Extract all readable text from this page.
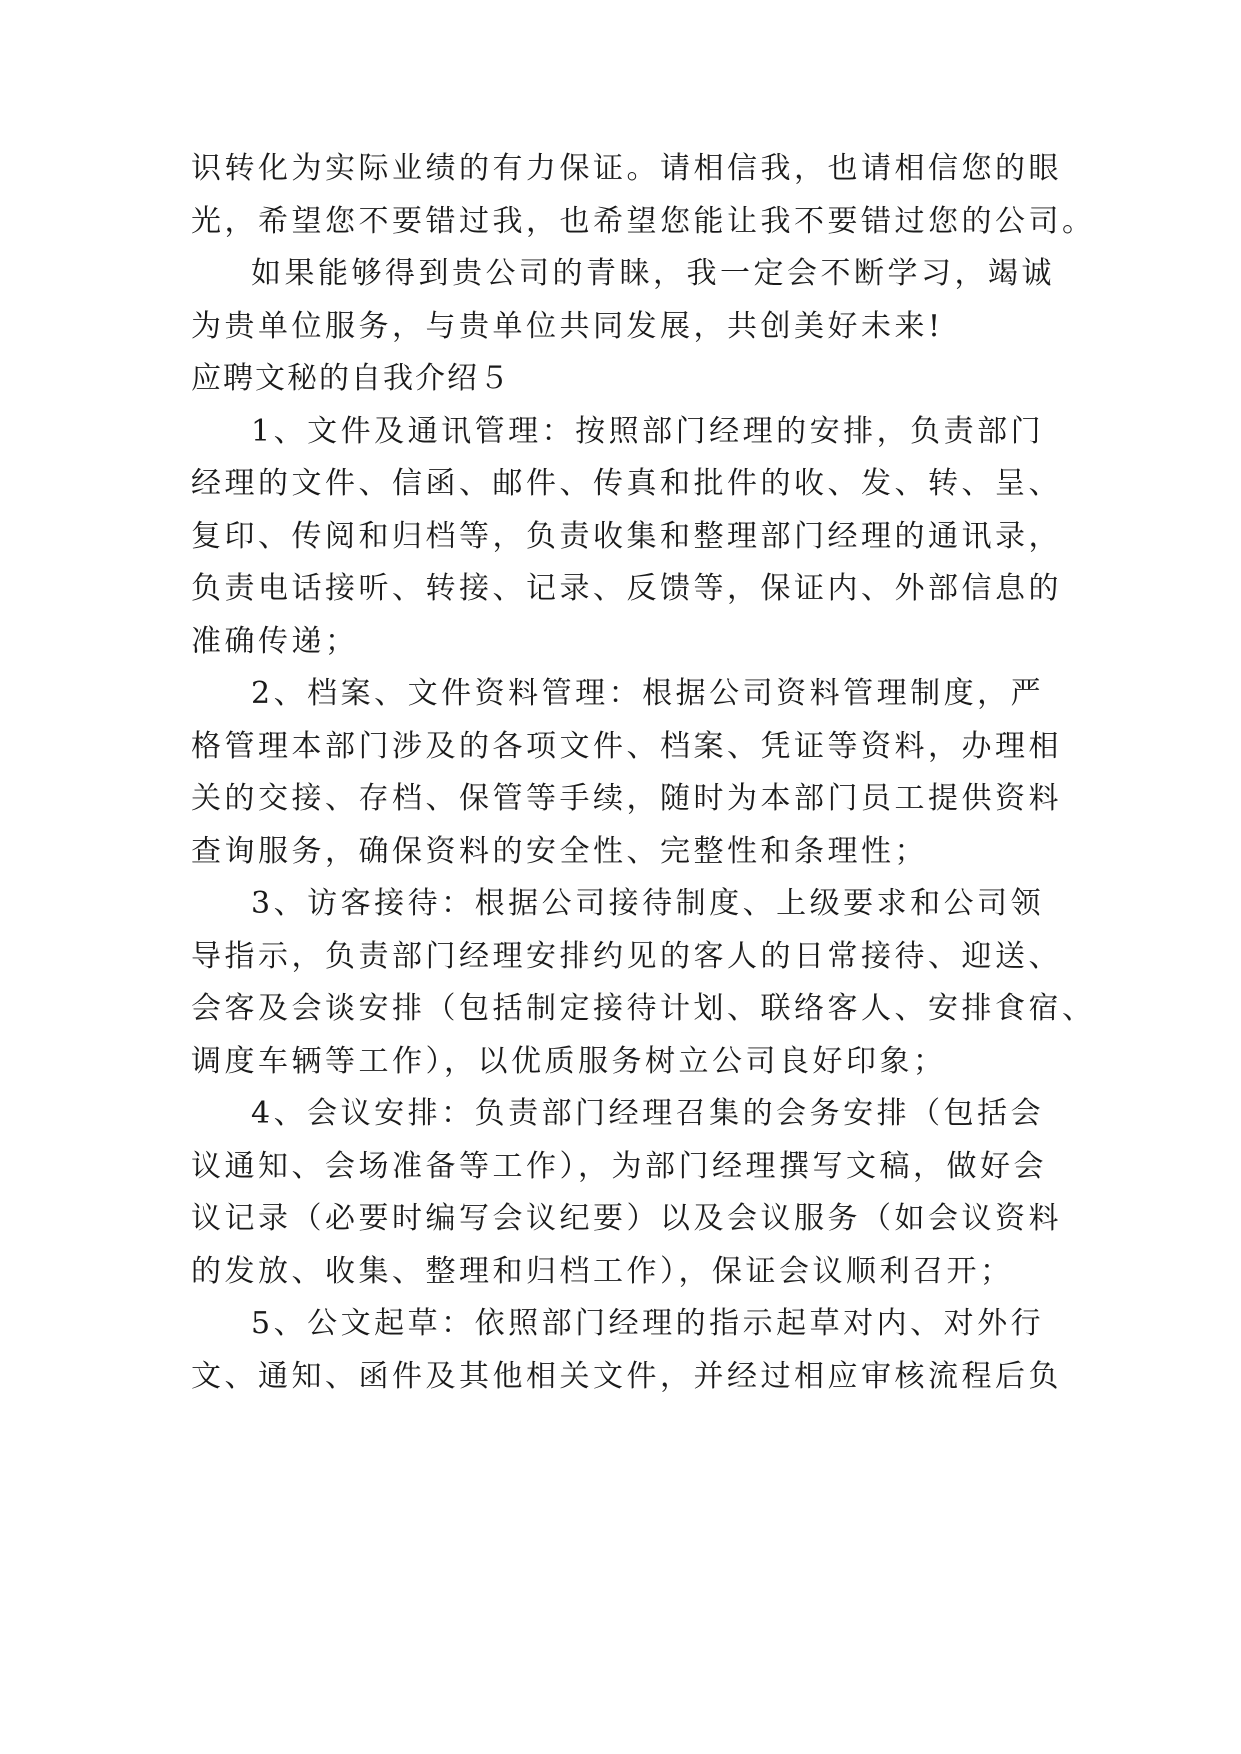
识转化为实际业绩的有力保证。请相信我，也请相信您的眼
光，希望您不要错过我，也希望您能让我不要错过您的公司。
如果能够得到贵公司的青睐，我一定会不断学习，竭诚
为贵单位服务，与贵单位共同发展，共创美好未来!
应聘文秘的自我介绍５
1、文件及通讯管理：按照部门经理的安排，负责部门
经理的文件、信函、邮件、传真和批件的收、发、转、呈、
复印、传阅和归档等，负责收集和整理部门经理的通讯录，
负责电话接听、转接、记录、反馈等，保证内、外部信息的
准确传递；
2、档案、文件资料管理：根据公司资料管理制度，严
格管理本部门涉及的各项文件、档案、凭证等资料，办理相
关的交接、存档、保管等手续，随时为本部门员工提供资料
查询服务，确保资料的安全性、完整性和条理性；
3、访客接待：根据公司接待制度、上级要求和公司领
导指示，负责部门经理安排约见的客人的日常接待、迎送、
会客及会谈安排（包括制定接待计划、联络客人、安排食宿、
调度车辆等工作），以优质服务树立公司良好印象；
4、会议安排：负责部门经理召集的会务安排（包括会
议通知、会场准备等工作），为部门经理撰写文稿，做好会
议记录（必要时编写会议纪要）以及会议服务（如会议资料
的发放、收集、整理和归档工作），保证会议顺利召开；
5、公文起草：依照部门经理的指示起草对内、对外行
文、通知、函件及其他相关文件，并经过相应审核流程后负
